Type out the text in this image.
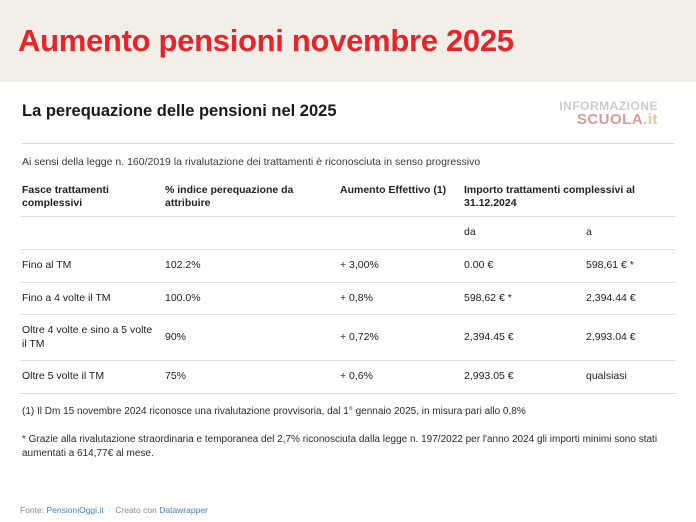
Aumento pensioni novembre 2025
La perequazione delle pensioni nel 2025	INFORMAZIONE
SCUOLA.it
Ai sensi della legge n. 160/2019 la rivalutazione dei trattamenti è riconosciuta in senso progressivo
Fasce trattamenti complessivi	% indice perequazione da attribuire	Aumento Effettivo (1)	Importo trattamenti complessivi al 31.12.2024	
			da	a
Fino al TM	102.2%	+ 3,00%	0.00 €	598,61 € *
Fino a 4 volte il TM	100.0%	+ 0,8%	598,62 € *	2,394.44 €
Oltre 4 volte e sino a 5 volte il TM	90%	+ 0,72%	2,394.45 €	2,993.04 €
Oltre 5 volte il TM	75%	+ 0,6%	2,993.05 €	qualsiasi
(1) Il Dm 15 novembre 2024 riconosce una rivalutazione provvisoria, dal 1° gennaio 2025, in misura pari allo 0,8%
* Grazie alla rivalutazione straordinaria e temporanea del 2,7% riconosciuta dalla legge n. 197/2022 per l'anno 2024 gli importi minimi sono stati aumentati a 614,77€ al mese.
Fonte: PensioniOggi.it · Creato con Datawrapper
